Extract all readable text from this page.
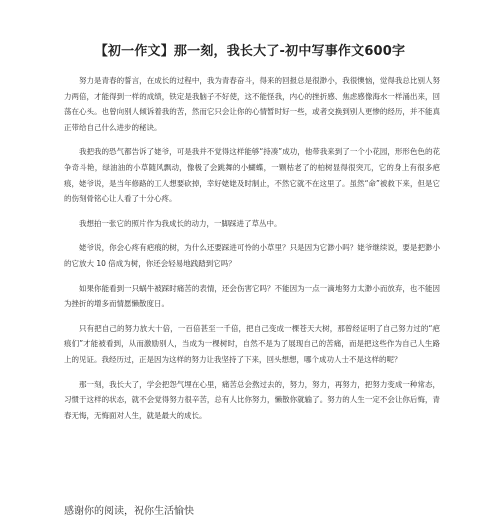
【初一作文】那一刻，我长大了-初中写事作文600字

努力是青春的誓言，在成长的过程中，我为青春奋斗，得来的回报总是很渺小，我很懊恼，觉得我总比别人努力两倍，才能得到一样的成绩，铁定是我脑子不好使，这不能怪我，内心的挫折感、焦虑感像海水一样涌出来，回荡在心头。也曾向别人倾诉着我的苦，然而它只会让你的心情暂时好一些，或者交换到别人更惨的经历，并不能真正带给自己什么进步的秘诀。

我把我的恐气都告诉了姥爷，可是我并不觉得这样能够“持凑”成功，他带我来到了一个小花园，形形色色的花争奇斗艳，绿油油的小草随风飘动，像极了会跳舞的小蝴蝶，一颗枯老了的柏树显得很突兀，它的身上有很多疤痕，姥爷说，是当年修路的工人想要砍掉，幸好姥姥及时制止，不然它就不在这里了。虽然“命”被救下来，但是它的伤刻骨铭心让人看了十分心疼。

我想拍一张它的照片作为我成长的动力，一脚踩进了草丛中。

姥爷说，你会心疼有疤痕的树，为什么还要踩进可怜的小草里？只是因为它渺小吗？姥爷继续说，要是把渺小的它放大 10 倍成为树，你还会轻易地践踏到它吗？

如果你能看到一只蜗牛被踩时痛苦的表情，还会伤害它吗？不能因为一点一滴地努力太渺小而放弃，也不能因为挫折的增多而情愿懒散度日。

只有把自己的努力放大十倍，一百倍甚至一千倍，把自己变成一棵苍天大树，那曾经证明了自己努力过的“疤痕们”才能被看到，从而激励别人，当成为一棵树时，自然不是为了展现自己的苦痛，而是把这些作为自己人生路上的见证。我经历过，正是因为这样的努力让我坚持了下来，回头想想，哪个成功人士不是这样的呢？

那一刻，我长大了，学会把怨气埋在心里，痛苦总会熬过去的，努力，努力，再努力，把努力变成一种常态，习惯于这样的状态，就不会觉得努力很辛苦，总有人比你努力，懒散你就输了。努力的人生一定不会让你后悔，青春无悔，无悔面对人生，就是最大的成长。

感谢你的阅读，祝你生活愉快
